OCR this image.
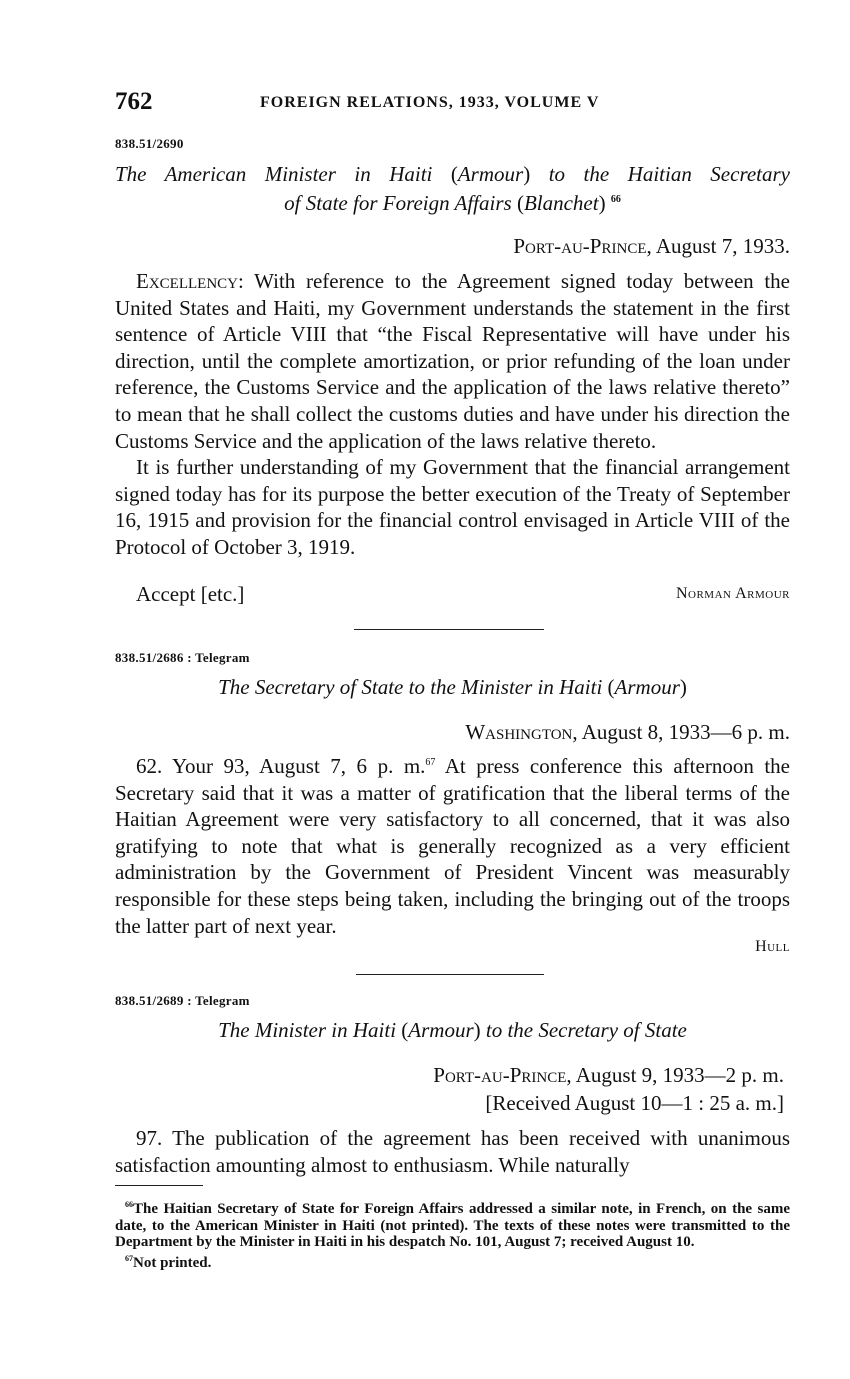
762	FOREIGN RELATIONS, 1933, VOLUME V
838.51/2690
The American Minister in Haiti (Armour) to the Haitian Secretary
of State for Foreign Affairs (Blanchet) $^{66}$
Port-au-Prince, August 7, 1933.

Excellency: With reference to the Agreement signed today between the United States and Haiti, my Government understands the statement in the first sentence of Article VIII that “the Fiscal Representative will have under his direction, until the complete amortization, or prior refunding of the loan under reference, the Customs Service and the application of the laws relative thereto” to mean that he shall collect the customs duties and have under his direction the Customs Service and the application of the laws relative thereto.

It is further understanding of my Government that the financial arrangement signed today has for its purpose the better execution of the Treaty of September 16, 1915 and provision for the financial control envisaged in Article VIII of the Protocol of October 3, 1919.

Accept [etc.]	Norman Armour
838.51/2686 : Telegram
The Secretary of State to the Minister in Haiti (Armour)
Washington, August 8, 1933—6 p. m.

62. Your 93, August 7, 6 p. m.$^{67}$ At press conference this afternoon the Secretary said that it was a matter of gratification that the liberal terms of the Haitian Agreement were very satisfactory to all concerned, that it was also gratifying to note that what is generally recognized as a very efficient administration by the Government of President Vincent was measurably responsible for these steps being taken, including the bringing out of the troops the latter part of next year.

Hull
838.51/2689 : Telegram
The Minister in Haiti (Armour) to the Secretary of State
Port-au-Prince, August 9, 1933—2 p. m.
[Received August 10—1 : 25 a. m.]

97. The publication of the agreement has been received with unanimous satisfaction amounting almost to enthusiasm. While naturally

$^{66}$The Haitian Secretary of State for Foreign Affairs addressed a similar note, in French, on the same date, to the American Minister in Haiti (not printed). The texts of these notes were transmitted to the Department by the Minister in Haiti in his despatch No. 101, August 7; received August 10.

$^{67}$Not printed.
